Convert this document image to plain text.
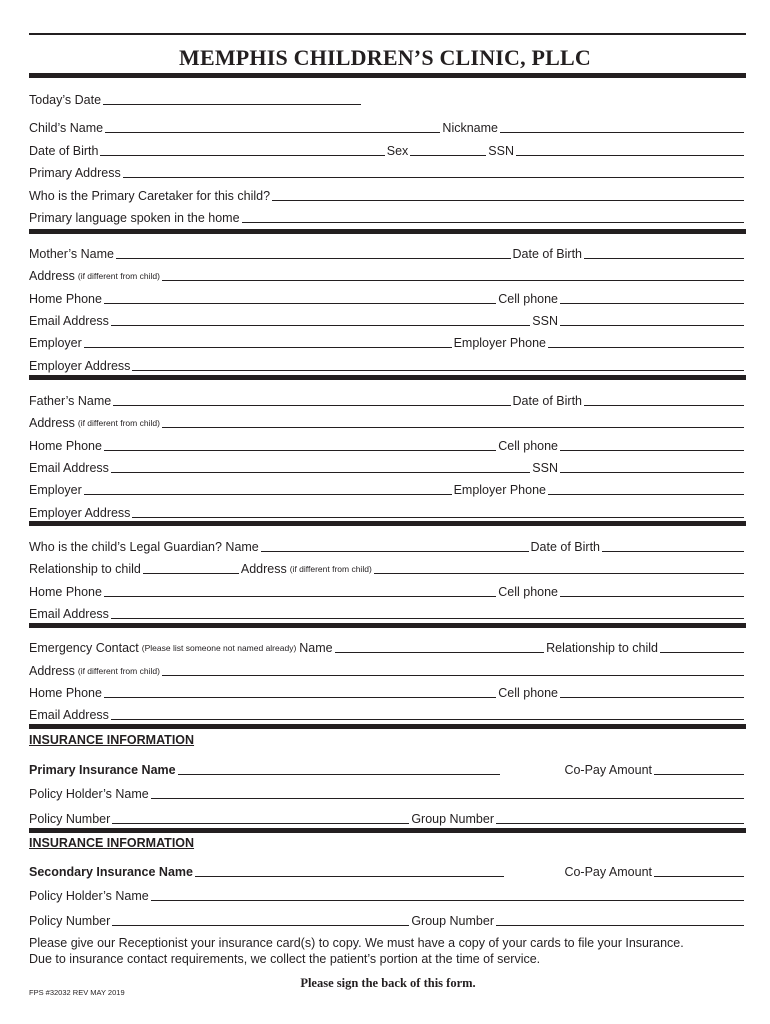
MEMPHIS CHILDREN’S CLINIC, PLLC
Today’s Date
Child’s Name	Nickname
Date of Birth	Sex	SSN
Primary Address
Who is the Primary Caretaker for this child?
Primary language spoken in the home
Mother’s Name	Date of Birth
Address (if different from child)
Home Phone	Cell phone
Email Address	SSN
Employer	Employer Phone
Employer Address
Father’s Name	Date of Birth
Address (if different from child)
Home Phone	Cell phone
Email Address	SSN
Employer	Employer Phone
Employer Address
Who is the child’s Legal Guardian? Name	Date of Birth
Relationship to child	Address (if different from child)
Home Phone	Cell phone
Email Address
Emergency Contact (Please list someone not named already) Name	Relationship to child
Address (if different from child)
Home Phone	Cell phone
Email Address
INSURANCE INFORMATION
Primary Insurance Name	Co-Pay Amount
Policy Holder’s Name
Policy Number	Group Number
INSURANCE INFORMATION
Secondary Insurance Name	Co-Pay Amount
Policy Holder’s Name
Policy Number	Group Number
Please give our Receptionist your insurance card(s) to copy. We must have a copy of your cards to file your Insurance.
Due to insurance contact requirements, we collect the patient’s portion at the time of service.
Please sign the back of this form.
FPS #32032 REV MAY 2019
